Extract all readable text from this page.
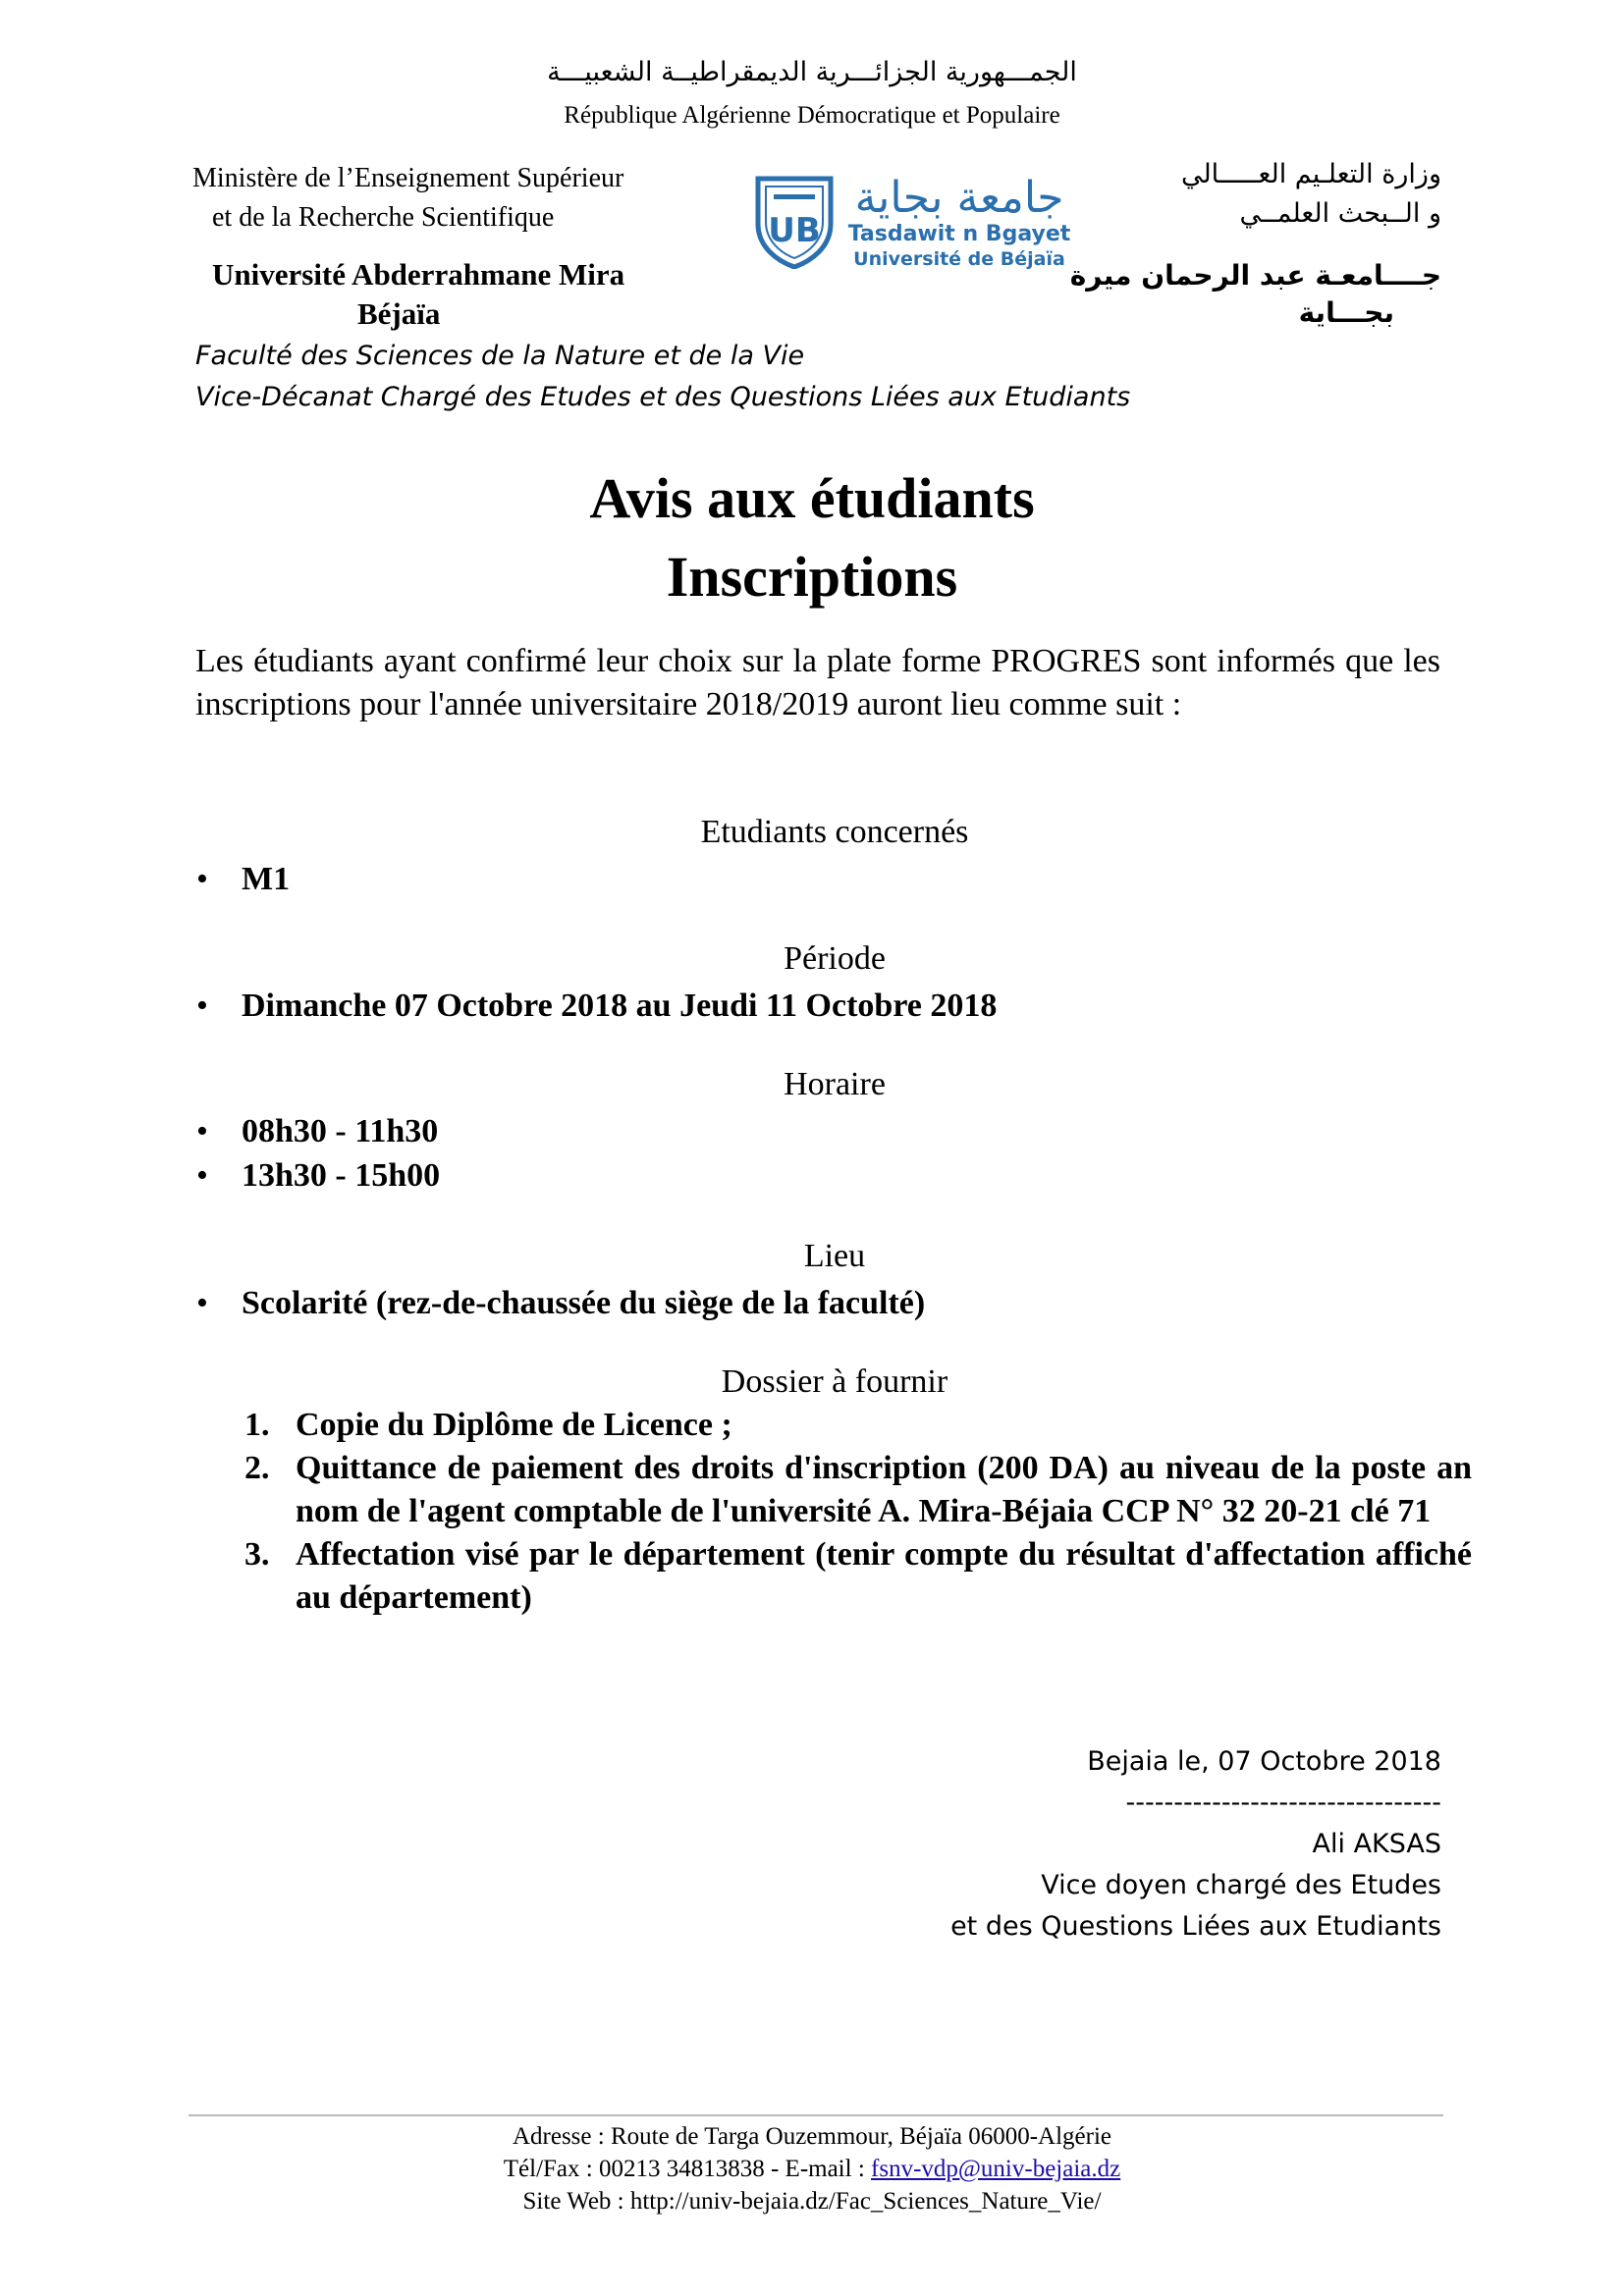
الجمـــهورية الجزائـــرية الديمقراطيــة الشعبيـــة
République Algérienne Démocratique et Populaire
Ministère de l’Enseignement Supérieur
et de la Recherche Scientifique
Université Abderrahmane Mira
Béjaïa
وزارة التعلـيم العـــــالي
و الــبحث العلمــي
جــــامعـة عبد الرحمان ميرة
بجـــاية
UB
جامعة بجاية
Tasdawit n Bgayet
Université de Béjaïa
Faculté des Sciences de la Nature et de la Vie
Vice-Décanat Chargé des Etudes et des Questions Liées aux Etudiants
Avis aux étudiants
Inscriptions
Les étudiants ayant confirmé leur choix sur la plate forme PROGRES sont informés que les inscriptions pour l'année universitaire 2018/2019 auront lieu comme suit :
Etudiants concernés
• M1
Période
• Dimanche 07 Octobre 2018 au Jeudi 11 Octobre 2018
Horaire
• 08h30 - 11h30
• 13h30 - 15h00
Lieu
• Scolarité (rez-de-chaussée du siège de la faculté)
Dossier à fournir
1. Copie du Diplôme de Licence ;
2. Quittance de paiement des droits d'inscription (200 DA) au niveau de la poste an nom de l'agent comptable de l'université A. Mira-Béjaia CCP N° 32 20-21 clé 71
3. Affectation visé par le département (tenir compte du résultat d'affectation affiché au département)
Bejaia le, 07 Octobre 2018
---------------------------------
Ali AKSAS
Vice doyen chargé des Etudes
et des Questions Liées aux Etudiants
Adresse : Route de Targa Ouzemmour, Béjaïa 06000-Algérie
Tél/Fax : 00213 34813838 - E-mail : fsnv-vdp@univ-bejaia.dz
Site Web : http://univ-bejaia.dz/Fac_Sciences_Nature_Vie/
